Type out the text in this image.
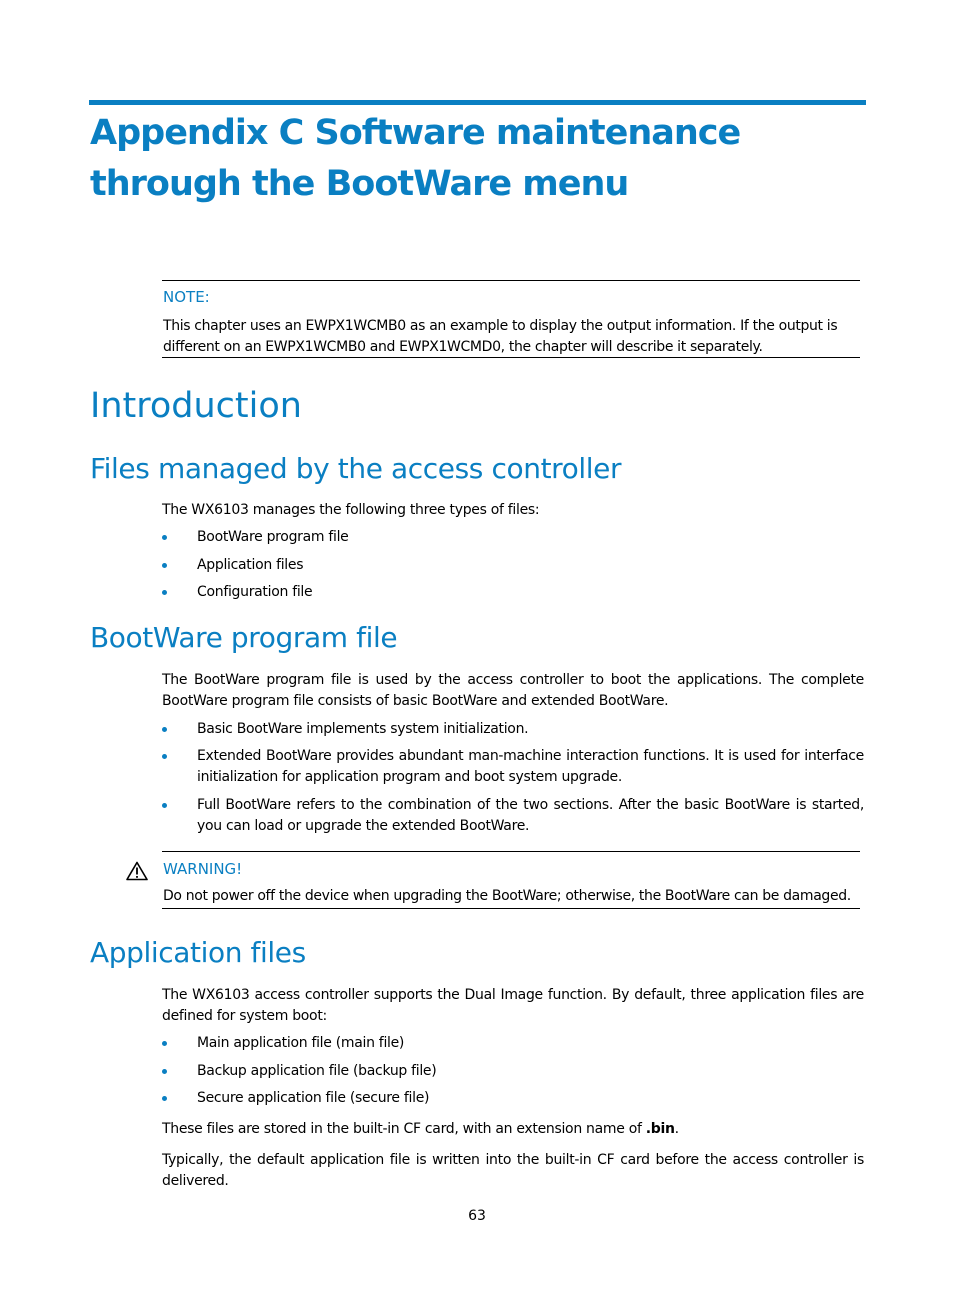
Appendix C Software maintenance through the BootWare menu
NOTE:
This chapter uses an EWPX1WCMB0 as an example to display the output information. If the output is different on an EWPX1WCMB0 and EWPX1WCMD0, the chapter will describe it separately.
Introduction
Files managed by the access controller

The WX6103 manages the following three types of files:

BootWare program file
Application files
Configuration file
BootWare program file

The BootWare program file is used by the access controller to boot the applications. The complete BootWare program file consists of basic BootWare and extended BootWare.

Basic BootWare implements system initialization.
Extended BootWare provides abundant man-machine interaction functions. It is used for interface initialization for application program and boot system upgrade.
Full BootWare refers to the combination of the two sections. After the basic BootWare is started, you can load or upgrade the extended BootWare.
WARNING!
Do not power off the device when upgrading the BootWare; otherwise, the BootWare can be damaged.
Application files

The WX6103 access controller supports the Dual Image function. By default, three application files are defined for system boot:

Main application file (main file)
Backup application file (backup file)
Secure application file (secure file)

These files are stored in the built-in CF card, with an extension name of .bin.

Typically, the default application file is written into the built-in CF card before the access controller is delivered.

63
